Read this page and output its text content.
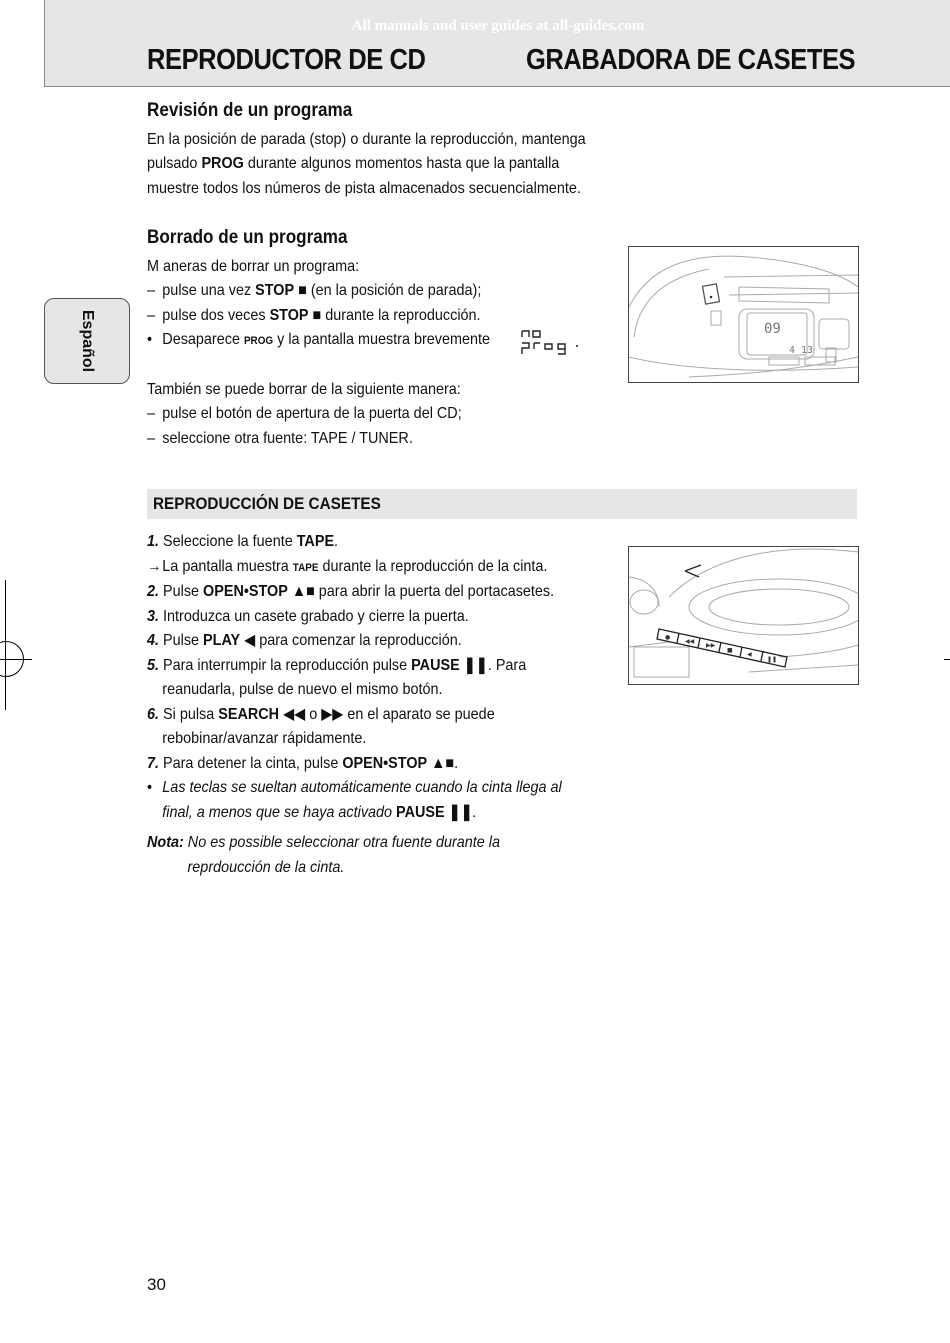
All manuals and user guides at all-guides.com
REPRODUCTOR DE CD	GRABADORA DE CASETES
Español

Revisión de un programa

En la posición de parada (stop) o durante la reproducción, mantenga

pulsado PROG durante algunos momentos hasta que la pantalla

muestre todos los números de pista almacenados secuencialmente.

Borrado de un programa

M aneras de borrar un programa:

– pulse una vez STOP ■ (en la posición de parada);

– pulse dos veces STOP ■ durante la reproducción.

• Desaparece PROG y la pantalla muestra brevemente

También se puede borrar de la siguiente manera:

– pulse el botón de apertura de la puerta del CD;

– seleccione otra fuente: TAPE / TUNER.

09
4 13
REPRODUCCIÓN DE CASETES

1. Seleccione la fuente TAPE.

→ La pantalla muestra TAPE durante la reproducción de la cinta.

2. Pulse OPEN•STOP ▲■ para abrir la puerta del portacasetes.

3. Introduzca un casete grabado y cierre la puerta.

4. Pulse PLAY ◀ para comenzar la reproducción.

5. Para interrumpir la reproducción pulse PAUSE ❚❚. Para

reanudarla, pulse de nuevo el mismo botón.

6. Si pulsa SEARCH ◀◀ o ▶▶ en el aparato se puede

rebobinar/avanzar rápidamente.

7. Para detener la cinta, pulse OPEN•STOP ▲■.

• Las teclas se sueltan automáticamente cuando la cinta llega al

final, a menos que se haya activado PAUSE ❚❚.

Nota: No es possible seleccionar otra fuente durante la

reprdoucción de la cinta.

●
◀◀
▶▶
■
◀
❚❚
30
